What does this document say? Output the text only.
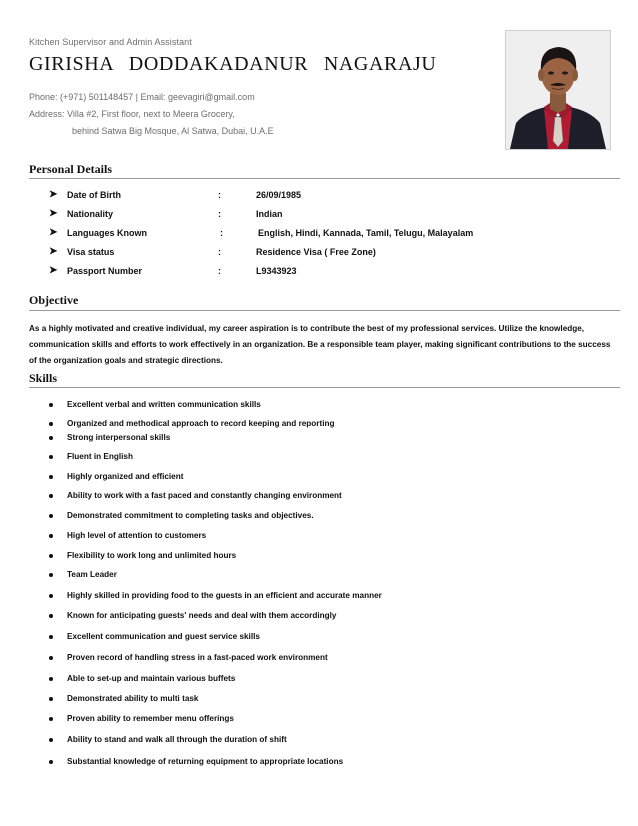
Kitchen Supervisor and Admin Assistant
GIRISHA DODDAKADANUR NAGARAJU
Phone: (+971) 501148457 | Email: geevagiri@gmail.com
Address: Villa #2, First floor, next to Meera Grocery,
behind Satwa Big Mosque, Al Satwa, Dubai, U.A.E
Personal Details
➤ Date of Birth	:	26/09/1985
➤ Nationality	:	Indian
➤ Languages Known	:	English, Hindi, Kannada, Tamil, Telugu, Malayalam
➤ Visa status	:	Residence Visa ( Free Zone)
➤ Passport Number	:	L9343923
Objective
As a highly motivated and creative individual, my career aspiration is to contribute the best of my professional services. Utilize the knowledge, communication skills and efforts to work effectively in an organization. Be a responsible team player, making significant contributions to the success of the organization goals and strategic directions.
Skills
Excellent verbal and written communication skills
Organized and methodical approach to record keeping and reporting
Strong interpersonal skills
Fluent in English
Highly organized and efficient
Ability to work with a fast paced and constantly changing environment
Demonstrated commitment to completing tasks and objectives.
High level of attention to customers
Flexibility to work long and unlimited hours
Team Leader
Highly skilled in providing food to the guests in an efficient and accurate manner
Known for anticipating guests' needs and deal with them accordingly
Excellent communication and guest service skills
Proven record of handling stress in a fast-paced work environment
Able to set-up and maintain various buffets
Demonstrated ability to multi task
Proven ability to remember menu offerings
Ability to stand and walk all through the duration of shift
Substantial knowledge of returning equipment to appropriate locations
